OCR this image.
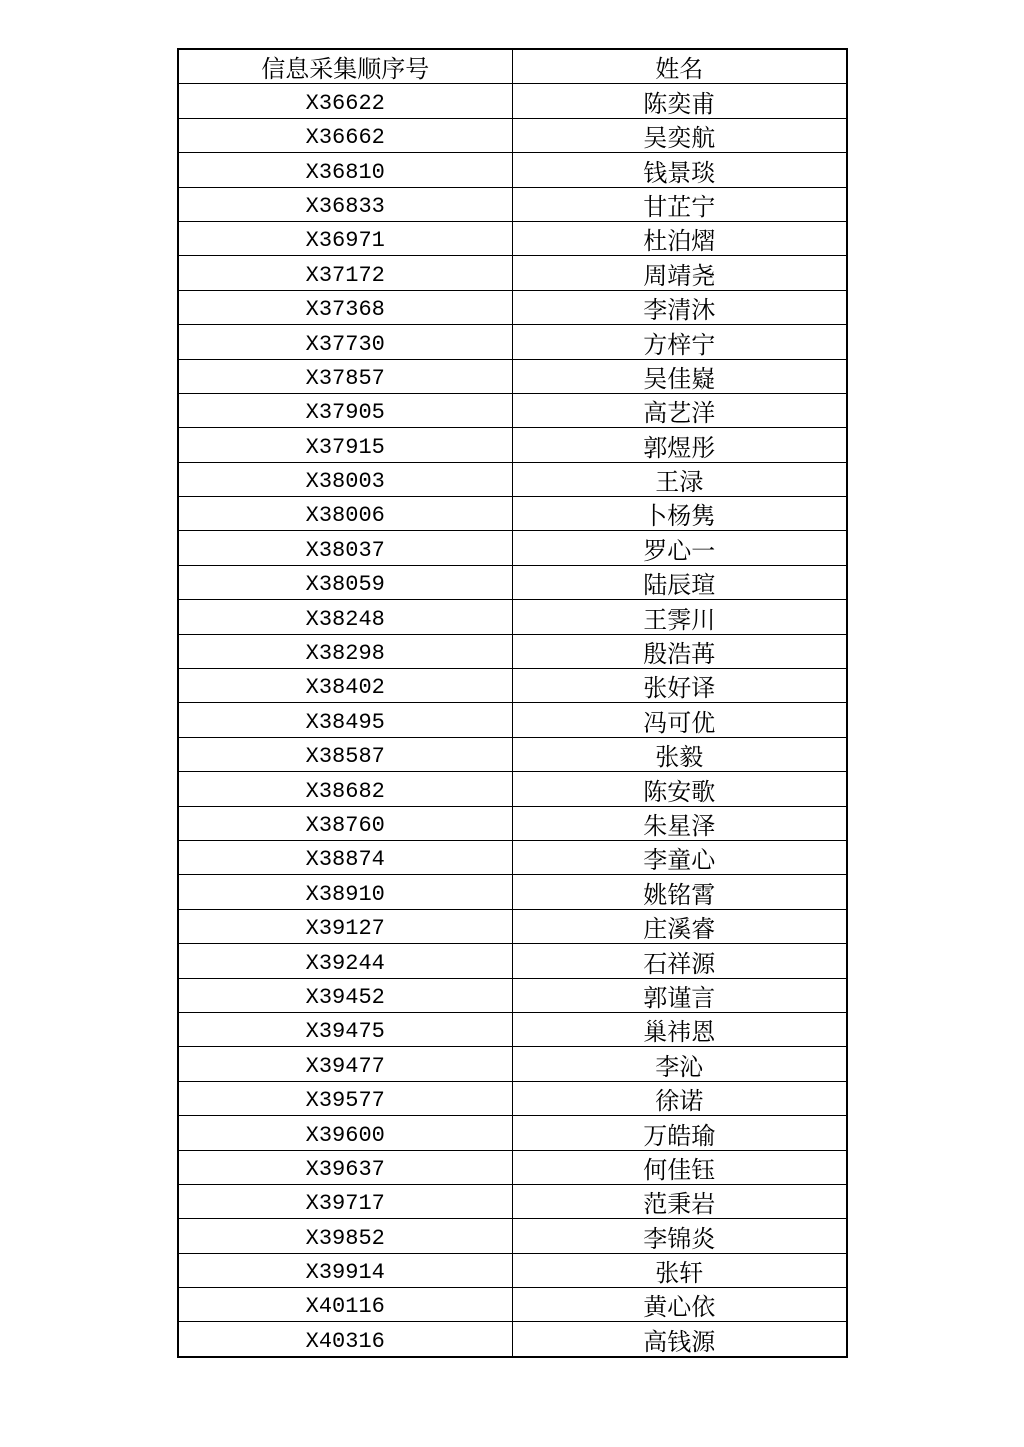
信息采集顺序号	姓名
X36622	陈奕甫
X36662	吴奕航
X36810	钱景琰
X36833	甘芷宁
X36971	杜泊熠
X37172	周靖尧
X37368	李清沐
X37730	方梓宁
X37857	吴佳嶷
X37905	高艺洋
X37915	郭煜彤
X38003	王渌
X38006	卜杨隽
X38037	罗心一
X38059	陆辰瑄
X38248	王霁川
X38298	殷浩苒
X38402	张好译
X38495	冯可优
X38587	张毅
X38682	陈安歌
X38760	朱星泽
X38874	李童心
X38910	姚铭霄
X39127	庄溪睿
X39244	石祥源
X39452	郭谨言
X39475	巢祎恩
X39477	李沁
X39577	徐诺
X39600	万皓瑜
X39637	何佳钰
X39717	范秉岩
X39852	李锦炎
X39914	张轩
X40116	黄心依
X40316	高钱源
